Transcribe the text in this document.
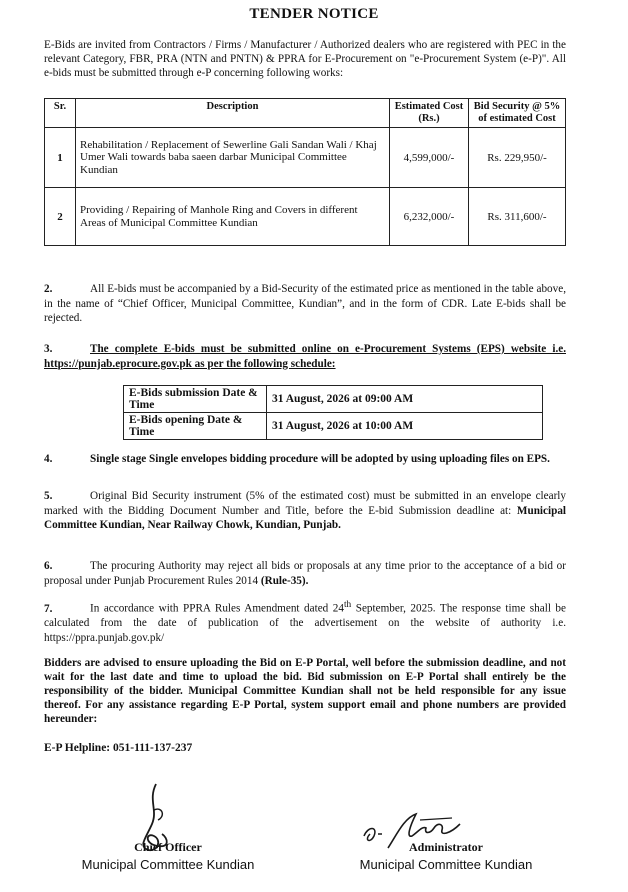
TENDER NOTICE
E-Bids are invited from Contractors / Firms / Manufacturer / Authorized dealers who are registered with PEC in the relevant Category, FBR, PRA (NTN and PNTN) & PPRA for E-Procurement on "e-Procurement System (e-P)". All e-bids must be submitted through e-P concerning following works:
Sr.	Description	Estimated Cost (Rs.)	Bid Security @ 5% of estimated Cost
1	Rehabilitation / Replacement of Sewerline Gali Sandan Wali / Khaj Umer Wali towards baba saeen darbar Municipal Committee Kundian	4,599,000/-	Rs. 229,950/-
2	Providing / Repairing of Manhole Ring and Covers in different Areas of Municipal Committee Kundian	6,232,000/-	Rs. 311,600/-
2.	All E-bids must be accompanied by a Bid-Security of the estimated price as mentioned in the table above, in the name of “Chief Officer, Municipal Committee, Kundian”, and in the form of CDR. Late E-bids shall be rejected.
3.	The complete E-bids must be submitted online on e-Procurement Systems (EPS) website i.e. https://punjab.eprocure.gov.pk as per the following schedule:
E-Bids submission Date & Time	31 August, 2026 at 09:00 AM
E-Bids opening Date & Time	31 August, 2026 at 10:00 AM
4.	Single stage Single envelopes bidding procedure will be adopted by using uploading files on EPS.
5.	Original Bid Security instrument (5% of the estimated cost) must be submitted in an envelope clearly marked with the Bidding Document Number and Title, before the E-bid Submission deadline at: Municipal Committee Kundian, Near Railway Chowk, Kundian, Punjab.
6.	The procuring Authority may reject all bids or proposals at any time prior to the acceptance of a bid or proposal under Punjab Procurement Rules 2014 (Rule-35).
7.	In accordance with PPRA Rules Amendment dated 24th September, 2025. The response time shall be calculated from the date of publication of the advertisement on the website of authority i.e. https://ppra.punjab.gov.pk/
Bidders are advised to ensure uploading the Bid on E-P Portal, well before the submission deadline, and not wait for the last date and time to upload the bid. Bid submission on E-P Portal shall entirely be the responsibility of the bidder. Municipal Committee Kundian shall not be held responsible for any issue thereof. For any assistance regarding E-P Portal, system support email and phone numbers are provided hereunder:
E-P Helpline: 051-111-137-237
Chief Officer
Municipal Committee Kundian
Administrator
Municipal Committee Kundian
